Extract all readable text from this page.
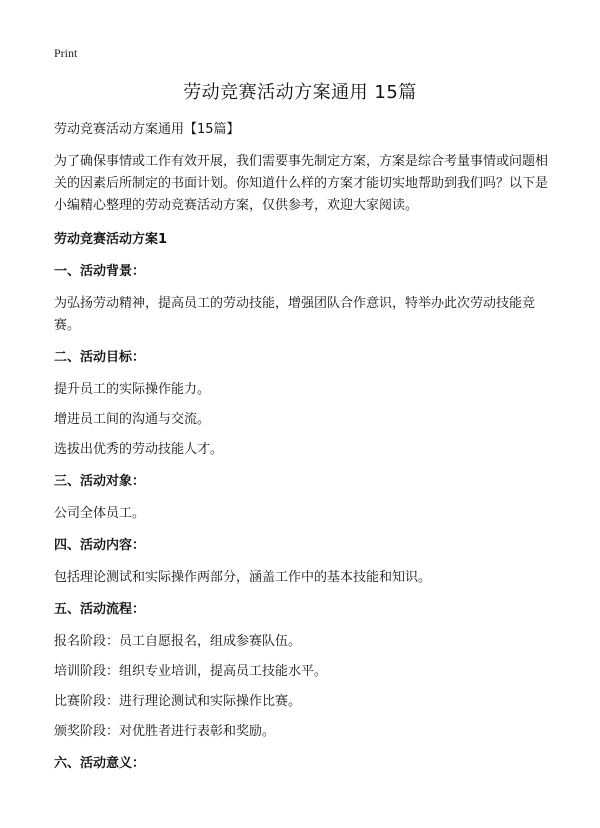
Print
劳动竞赛活动方案通用 15篇

劳动竞赛活动方案通用【15篇】

为了确保事情或工作有效开展，我们需要事先制定方案，方案是综合考量事情或问题相关的因素后所制定的书面计划。你知道什么样的方案才能切实地帮助到我们吗？以下是小编精心整理的劳动竞赛活动方案，仅供参考，欢迎大家阅读。

劳动竞赛活动方案1

一、活动背景：

为弘扬劳动精神，提高员工的劳动技能，增强团队合作意识，特举办此次劳动技能竞赛。

二、活动目标：

提升员工的实际操作能力。

增进员工间的沟通与交流。

选拔出优秀的劳动技能人才。

三、活动对象：

公司全体员工。

四、活动内容：

包括理论测试和实际操作两部分，涵盖工作中的基本技能和知识。

五、活动流程：

报名阶段：员工自愿报名，组成参赛队伍。

培训阶段：组织专业培训，提高员工技能水平。

比赛阶段：进行理论测试和实际操作比赛。

颁奖阶段：对优胜者进行表彰和奖励。

六、活动意义：
